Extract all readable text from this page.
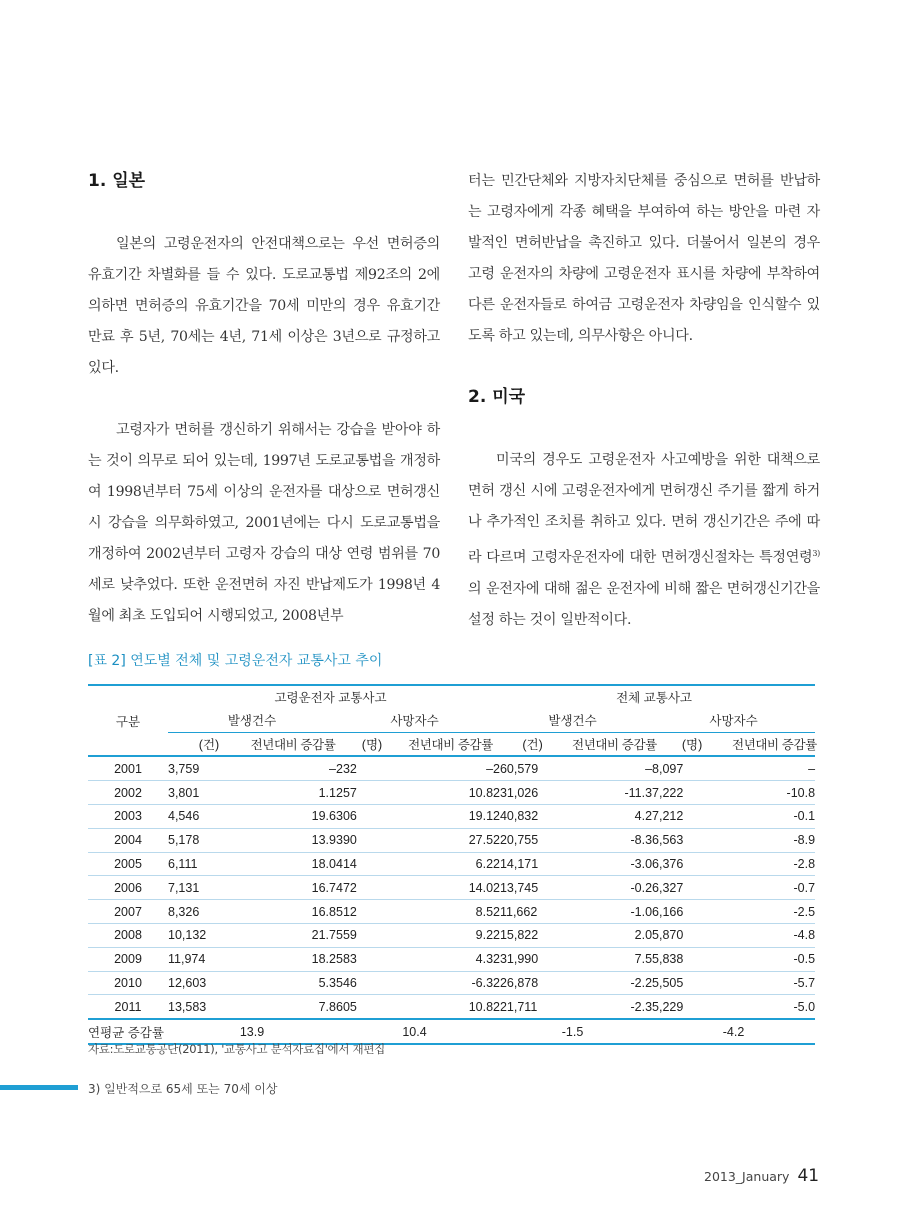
1. 일본

일본의 고령운전자의 안전대책으로는 우선 면허증의 유효기간 차별화를 들 수 있다. 도로교통법 제92조의 2에 의하면 면허증의 유효기간을 70세 미만의 경우 유효기간 만료 후 5년, 70세는 4년, 71세 이상은 3년으로 규정하고 있다.

고령자가 면허를 갱신하기 위해서는 강습을 받아야 하는 것이 의무로 되어 있는데, 1997년 도로교통법을 개정하여 1998년부터 75세 이상의 운전자를 대상으로 면허갱신시 강습을 의무화하였고, 2001년에는 다시 도로교통법을 개정하여 2002년부터 고령자 강습의 대상 연령 범위를 70세로 낮추었다. 또한 운전면허 자진 반납제도가 1998년 4월에 최초 도입되어 시행되었고, 2008년부

터는 민간단체와 지방자치단체를 중심으로 면허를 반납하는 고령자에게 각종 혜택을 부여하여 하는 방안을 마련 자발적인 면허반납을 촉진하고 있다. 더불어서 일본의 경우 고령 운전자의 차량에 고령운전자 표시를 차량에 부착하여 다른 운전자들로 하여금 고령운전자 차량임을 인식할수 있도록 하고 있는데, 의무사항은 아니다.

2. 미국

미국의 경우도 고령운전자 사고예방을 위한 대책으로 면허 갱신 시에 고령운전자에게 면허갱신 주기를 짧게 하거나 추가적인 조치를 취하고 있다. 면허 갱신기간은 주에 따라 다르며 고령자운전자에 대한 면허갱신절차는 특정연령$^{3)}$의 운전자에 대해 젊은 운전자에 비해 짧은 면허갱신기간을 설정 하는 것이 일반적이다.

[표 2] 연도별 전체 및 고령운전자 교통사고 추이
구분	고령운전자 교통사고				전체 교통사고			
	발생건수		사망자수		발생건수		사망자수	
	(건)	전년대비 증감률	(명)	전년대비 증감률	(건)	전년대비 증감률	(명)	전년대비 증감률
2001	3,759	–	232	–	260,579	–	8,097	–
2002	3,801	1.1	257	10.8	231,026	-11.3	7,222	-10.8
2003	4,546	19.6	306	19.1	240,832	4.2	7,212	-0.1
2004	5,178	13.9	390	27.5	220,755	-8.3	6,563	-8.9
2005	6,111	18.0	414	6.2	214,171	-3.0	6,376	-2.8
2006	7,131	16.7	472	14.0	213,745	-0.2	6,327	-0.7
2007	8,326	16.8	512	8.5	211,662	-1.0	6,166	-2.5
2008	10,132	21.7	559	9.2	215,822	2.0	5,870	-4.8
2009	11,974	18.2	583	4.3	231,990	7.5	5,838	-0.5
2010	12,603	5.3	546	-6.3	226,878	-2.2	5,505	-5.7
2011	13,583	7.8	605	10.8	221,711	-2.3	5,229	-5.0
연평균 증감률	13.9		10.4		-1.5		-4.2	
자료:도로교통공단(2011), '교통사고 분석자료집'에서 재편집
3) 일반적으로 65세 또는 70세 이상
2013_January 41
